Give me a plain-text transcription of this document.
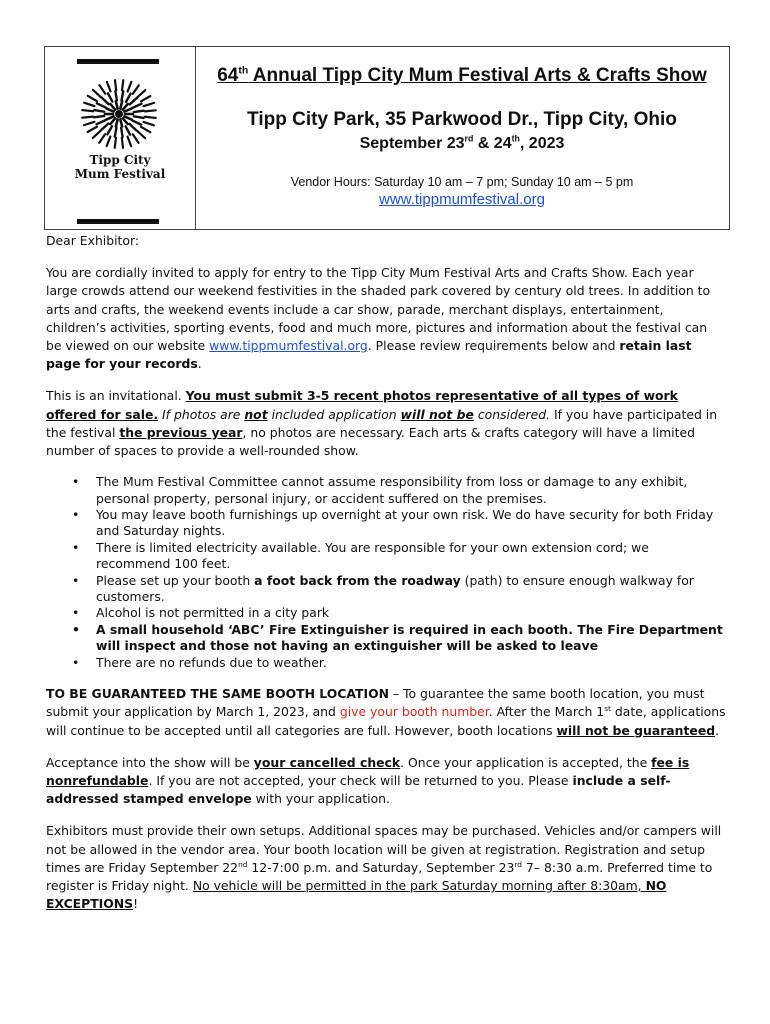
Tipp City
Mum Festival
64th Annual Tipp City Mum Festival Arts & Crafts Show
Tipp City Park, 35 Parkwood Dr., Tipp City, Ohio
September 23rd & 24th, 2023
Vendor Hours: Saturday 10 am – 7 pm; Sunday 10 am – 5 pm
www.tippmumfestival.org

Dear Exhibitor:

You are cordially invited to apply for entry to the Tipp City Mum Festival Arts and Crafts Show. Each year large crowds attend our weekend festivities in the shaded park covered by century old trees. In addition to arts and crafts, the weekend events include a car show, parade, merchant displays, entertainment, children’s activities, sporting events, food and much more, pictures and information about the festival can be viewed on our website www.tippmumfestival.org. Please review requirements below and retain last page for your records.

This is an invitational. You must submit 3-5 recent photos representative of all types of work offered for sale. If photos are not included application will not be considered. If you have participated in the festival the previous year, no photos are necessary. Each arts & crafts category will have a limited number of spaces to provide a well-rounded show.

• The Mum Festival Committee cannot assume responsibility from loss or damage to any exhibit, personal property, personal injury, or accident suffered on the premises.
• You may leave booth furnishings up overnight at your own risk. We do have security for both Friday and Saturday nights.
• There is limited electricity available. You are responsible for your own extension cord; we recommend 100 feet.
• Please set up your booth a foot back from the roadway (path) to ensure enough walkway for customers.
• Alcohol is not permitted in a city park
• A small household ‘ABC’ Fire Extinguisher is required in each booth. The Fire Department will inspect and those not having an extinguisher will be asked to leave
• There are no refunds due to weather.

TO BE GUARANTEED THE SAME BOOTH LOCATION – To guarantee the same booth location, you must submit your application by March 1, 2023, and give your booth number. After the March 1st date, applications will continue to be accepted until all categories are full. However, booth locations will not be guaranteed.

Acceptance into the show will be your cancelled check. Once your application is accepted, the fee is nonrefundable. If you are not accepted, your check will be returned to you. Please include a self-addressed stamped envelope with your application.

Exhibitors must provide their own setups. Additional spaces may be purchased. Vehicles and/or campers will not be allowed in the vendor area. Your booth location will be given at registration. Registration and setup times are Friday September 22nd 12-7:00 p.m. and Saturday, September 23rd 7– 8:30 a.m. Preferred time to register is Friday night. No vehicle will be permitted in the park Saturday morning after 8:30am, NO EXCEPTIONS!
